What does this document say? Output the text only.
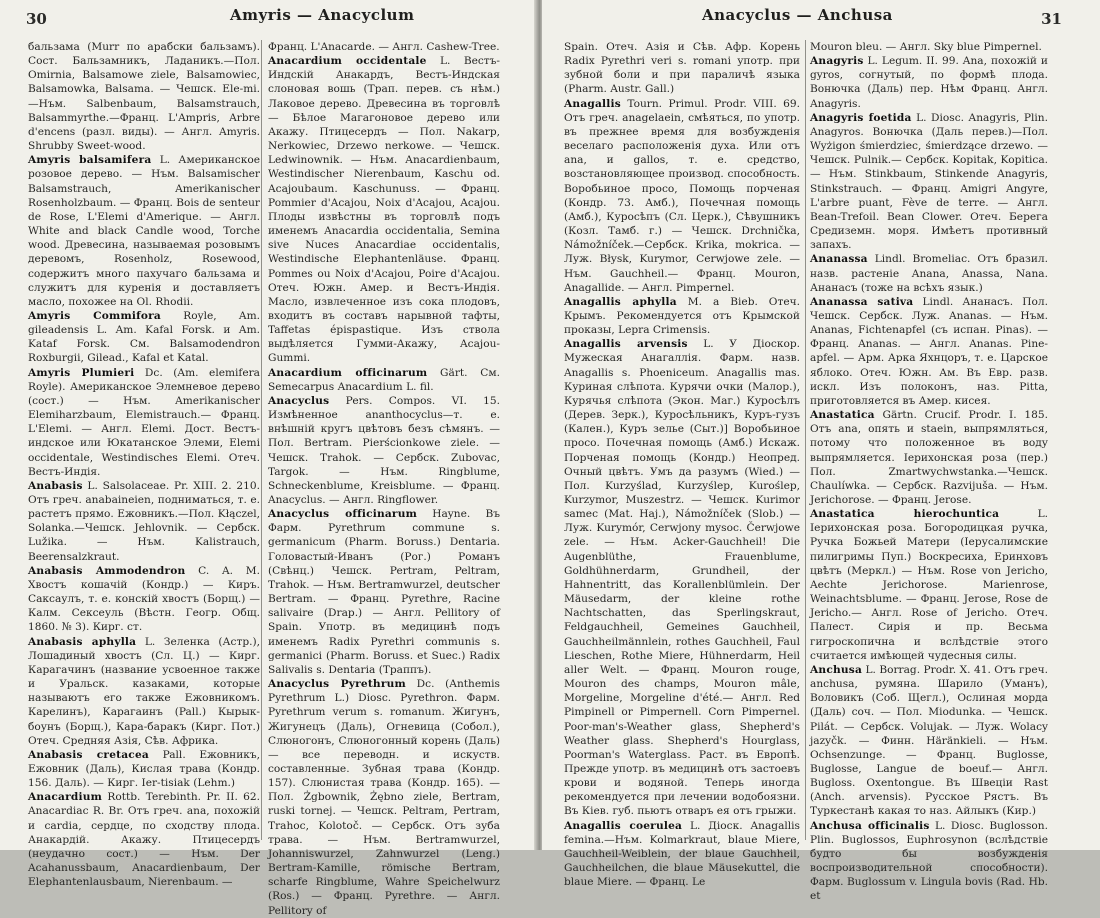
30	Amyris — Anacyclum

бальзама (Murr по арабски бальзамъ). Сост. Бальзамникъ, Ладаникъ.—Пол. Omirnia, Balsamowe ziele, Balsamowiec, Balsamowka, Balsama. — Чешск. Ele-mi.—Нъм. Salbenbaum, Balsamstrauch, Balsammyrthe.—Франц. L'Ampris, Arbre d'encens (разл. виды). — Англ. Amyris. Shrubby Sweet-wood.

Amyris balsamifera L. Американское розовое дерево. — Нъм. Balsamischer Balsamstrauch, Amerikanischer Rosenholzbaum. — Франц. Bois de senteur de Rose, L'Elemi d'Amerique. — Англ. White and black Candle wood, Torche wood. Древесина, называемая розовымъ деревомъ, Rosenholz, Rosewood, содержитъ много пахучаго бальзама и служитъ для куренія и доставляетъ масло, похожее на Ol. Rhodii.

Amyris Commifora Royle, Am. gileadensis L. Am. Kafal Forsk. и Am. Kataf Forsk. См. Balsamodendron Roxburgii, Gilead., Kafal et Katal.

Amyris Plumieri Dc. (Am. elemifera Royle). Американское Элемневое дерево (сост.) — Нъм. Amerikanischer Elemiharzbaum, Elemistrauch.— Франц. L'Elemi. — Англ. Elemi. Дост. Вестъ-индское или Юкатанское Элеми, Elemi occidentale, Westindisches Elemi. Отеч. Вестъ-Индія.

Anabasis L. Salsolaceae. Pr. XIII. 2. 210. Отъ греч. anabaineien, подниматься, т. е. растетъ прямо. Ежовникъ.—Пол. Kłączel, Solanka.—Чешск. Jehlovnik. — Сербск. Lužika. — Нъм. Kalistrauch, Beerensalzkraut.

Anabasis Ammodendron C. A. M. Хвостъ кошачій (Кондр.) — Киръ. Саксаулъ, т. е. конскій хвостъ (Борщ.) — Калм. Сексеуль (Вѣстн. Геогр. Общ. 1860. № 3). Кирг. ст.

Anabasis aphylla L. Зеленка (Астр.), Лошадиный хвостъ (Сл. Ц.) — Кирг. Карагачинъ (название усвоенное также и Уральск. казаками, которые называютъ его также Ежовникомъ. Карелинъ), Карагаинъ (Pall.) Кырык-боунъ (Борщ.), Кара-баракъ (Кирг. Пот.) Отеч. Средняя Азія, Сѣв. Африка.

Anabasis cretacea Pall. Ежовникъ, Ежовник (Даль), Кислая трава (Кондр. 156. Даль). — Кирг. Ier-tisiak (Lehm.)

Anacardium Rottb. Terebinth. Pr. II. 62. Anacardiac R. Br. Отъ греч. ana, похожій и cardia, сердце, по сходству плода. Анакардій. Акажу. Птицесердъ (неудачно сост.) — Нъм. Der Acahanussbaum, Anacardienbaum, Der Elephantenlausbaum, Nierenbaum. —

Франц. L'Anacarde. — Англ. Cashew-Tree.

Anacardium occidentale L. Вестъ-Индскій Анакардъ, Вестъ-Индская слоновая вошь (Трап. перев. съ нѣм.) Лаковое дерево. Древесина въ торговлѣ — Бѣлое Магагоновое дерево или Акажу. Птицесердъ — Пол. Nakarp, Nerkowiec, Drzewo nerkowe. — Чешск. Ledwinownik. — Нъм. Anacardienbaum, Westindischer Nierenbaum, Kaschu od. Acajoubaum. Kaschunuss. — Франц. Pommier d'Acajou, Noix d'Acajou, Acajou. Плоды извѣстны въ торговлѣ подъ именемъ Anacardia occidentalia, Semina sive Nuces Anacardiae occidentalis, Westindische Elephantenläuse. Франц. Pommes ou Noix d'Acajou, Poire d'Acajou. Отеч. Южн. Амер. и Вестъ-Индія. Масло, извлеченное изъ сока плодовъ, входитъ въ составъ нарывной тафты, Taffetas épispastique. Изъ ствола выдѣляется Гумми-Акажу, Acajou-Gummi.

Anacardium officinarum Gärt. См. Semecarpus Anacardium L. fil.

Anacyclus Pers. Compos. VI. 15. Измѣненное ananthocyclus—т. е. внѣшній кругъ цвѣтовъ безъ сѣмянъ. — Пол. Bertram. Pierścionkowe ziele. — Чешск. Trahok. — Сербск. Zubovac, Targok. — Нъм. Ringblume, Schneckenblume, Kreisblume. — Франц. Anacyclus. — Англ. Ringflower.

Anacyclus officinarum Hayne. Въ Фарм. Pyrethrum commune s. germanicum (Pharm. Boruss.) Dentaria. Головастый-Иванъ (Рог.) Романъ (Свѣнц.) Чешск. Pertram, Peltram, Trahok. — Нъм. Bertramwurzel, deutscher Bertram. — Франц. Pyrethre, Racine salivaire (Drap.) — Англ. Pellitory of Spain. Употр. въ медицинѣ подъ именемъ Radix Pyrethri communis s. germanici (Pharm. Boruss. et Suec.) Radix Salivalis s. Dentaria (Траппъ).

Anacyclus Pyrethrum Dc. (Anthemis Pyrethrum L.) Diosc. Pyrethron. Фарм. Pyrethrum verum s. romanum. Жигунъ, Жигунецъ (Даль), Огневица (Собол.), Слюногонъ, Слюногонный корень (Даль) — все переводн. и искуств. составленные. Зубная трава (Кондр. 157). Слюнистая трава (Кондр. 165). — Пол. Żgbownik, Żębno ziele, Bertram, ruski tornej. — Чешск. Peltram, Pertram, Trahoc, Kolotoč. — Сербск. Отъ зуба трава. — Нъм. Bertramwurzel, Johanniswurzel, Zahnwurzel (Leng.) Bertram-Kamille, römische Bertram, scharfe Ringblume, Wahre Speichelwurz (Ros.) — Франц. Pyrethre. — Англ. Pellitory of

Anacyclus — Anchusa	31

Spain. Отеч. Азія и Сѣв. Афр. Корень Radix Pyrethri veri s. romani употр. при зубной боли и при параличѣ языка (Pharm. Austr. Gall.)

Anagallis Tourn. Primul. Prodr. VIII. 69. Отъ греч. anagelaein, смѣяться, по употр. въ прежнее время для возбужденія веселаго расположенія духа. Или отъ ana, и gallos, т. е. средство, возстановляющее производ. способность. Воробьиное просо, Помощь порченая (Кондр. 73. Амб.), Почечная помощь (Амб.), Куросѣпъ (Сл. Церк.), Сѣвушникъ (Козл. Тамб. г.) — Чешск. Drchnička, Námožníček.—Сербск. Krika, mokrica. — Луж. Błysk, Kurymor, Cerwjowe zele. — Нъм. Gauchheil.— Франц. Mouron, Anagallide. — Англ. Pimpernel.

Anagallis aphylla M. a Bieb. Отеч. Крымъ. Рекомендуется отъ Крымской проказы, Lepra Crimensis.

Anagallis arvensis L. У Діоскор. Мужеская Анагаллія. Фарм. назв. Anagallis s. Phoeniceum. Anagallis mas. Куриная слѣпота. Курячи очки (Малор.), Курячья слѣпота (Экон. Маг.) Куросѣлъ (Дерев. Зерк.), Куросѣльникъ, Куръ-гузъ (Кален.), Куръ зелье (Сыт.)] Воробьиное просо. Почечная помощь (Амб.) Искаж. Порченая помощь (Кондр.) Неопред. Очный цвѣтъ. Умъ да разумъ (Wied.) — Пол. Kurzyślad, Kurzyślep, Kuroślep, Kurzymor, Muszestrz. — Чешск. Kurimor samec (Mat. Haj.), Námožníček (Slob.) — Луж. Kurymór, Cerwjony mysoc. Čerwjowe zele. — Нъм. Acker-Gauchheil! Die Augenblüthe, Frauenblume, Goldhühnerdarm, Grundheil, der Hahnentritt, das Korallenblümlein. Der Mäusedarm, der kleine rothe Nachtschatten, das Sperlingskraut, Feldgauchheil, Gemeines Gauchheil, Gauchheilmännlein, rothes Gauchheil, Faul Lieschen, Rothe Miere, Hühnerdarm, Heil aller Welt. — Франц. Mouron rouge, Mouron des champs, Mouron mâle, Morgeline, Morgeline d'été.— Англ. Red Pimpinell or Pimpernell. Corn Pimpernel. Poor-man's-Weather glass, Shepherd's Weather glass. Shepherd's Hourglass, Poorman's Waterglass. Раст. въ Европѣ. Прежде употр. въ медицинѣ отъ застоевъ крови и водяной. Теперь иногда рекомендуется при лечении водобоязни. Въ Кіев. губ. пьютъ отваръ ея отъ грыжи.

Anagallis coerulea L. Діоск. Anagallis femina.—Нъм. Kolmarkraut, blaue Miere, Gauchheil-Weiblein, der blaue Gauchheil, Gauchheilchen, die blaue Mäusekuttel, die blaue Miere. — Франц. Le

Mouron bleu. — Англ. Sky blue Pimpernel.

Anagyris L. Legum. II. 99. Ana, похожій и gyros, согнутый, по формѣ плода. Вонючка (Даль) пер. Нѣм Франц. Англ. Anagyris.

Anagyris foetida L. Diosc. Anagyris, Plin. Anagyros. Вонючка (Даль перев.)—Пол. Wyżigon śmierdziec, śmierdzące drzewo. — Чешск. Pulnik.— Сербск. Kopitak, Kopitica. — Нъм. Stinkbaum, Stinkende Anagyris, Stinkstrauch. — Франц. Amigri Angyre, L'arbre puant, Fève de terre. — Англ. Bean-Trefoil. Bean Clower. Отеч. Берега Средиземн. моря. Имѣетъ противный запахъ.

Ananassa Lindl. Bromeliac. Отъ бразил. назв. растеніе Anana, Anassa, Nana. Ананасъ (тоже на всѣхъ язык.)

Ananassa sativa Lindl. Ананасъ. Пол. Чешск. Сербск. Луж. Ananas. — Нъм. Ananas, Fichtenapfel (съ испан. Pinas). — Франц. Ananas. — Англ. Ananas. Pine-apfel. — Арм. Арка Яхнцоръ, т. е. Царское яблоко. Отеч. Южн. Ам. Въ Евр. разв. искл. Изъ полоконъ, наз. Pitta, приготовляется въ Амер. кисея.

Anastatica Gärtn. Crucif. Prodr. I. 185. Отъ ana, опять и staein, выпрямляться, потому что положенное въ воду выпрямляется. Іерихонская роза (пер.) Пол. Zmartwychwstanka.—Чешск. Chaulíwka. — Сербск. Razvijuša. — Нъм. Jerichorose. — Франц. Jerose.

Anastatica hierochuntica L. Іерихонская роза. Богородицкая ручка, Ручка Божьей Матери (Іерусалимские пилигримы Пуп.) Воскресиха, Еринховъ цвѣтъ (Меркл.) — Нъм. Rose von Jericho, Aechte Jerichorose. Marienrose, Weinachtsblume. — Франц. Jerose, Rose de Jericho.— Англ. Rose of Jericho. Отеч. Палест. Сирія и пр. Весьма гигроскопична и вслѣдствіе этого считается имѣющей чудесныя силы.

Anchusa L. Borrag. Prodr. X. 41. Отъ греч. anchusa, румяна. Шарило (Уманъ), Воловикъ (Соб. Щегл.), Ослиная морда (Даль) соч. — Пол. Miodunka. — Чешск. Pilát. — Сербск. Volujak. — Луж. Wolacy jazyčk. — Финн. Häränkieli. — Нъм. Ochsenzunge. — Франц. Buglosse, Buglosse, Langue de boeuf.— Англ. Bugloss. Oxentongue. Въ Швеціи Rast (Anch. arvensis). Русское Рястъ. Въ Туркестанѣ какая то наз. Айлыкъ (Кир.)

Anchusa officinalis L. Diosc. Buglosson. Plin. Buglossos, Euphrosynon (вслѣдствіе будто бы возбужденія воспроизводительной способности). Фарм. Buglossum v. Lingula bovis (Rad. Hb. et
